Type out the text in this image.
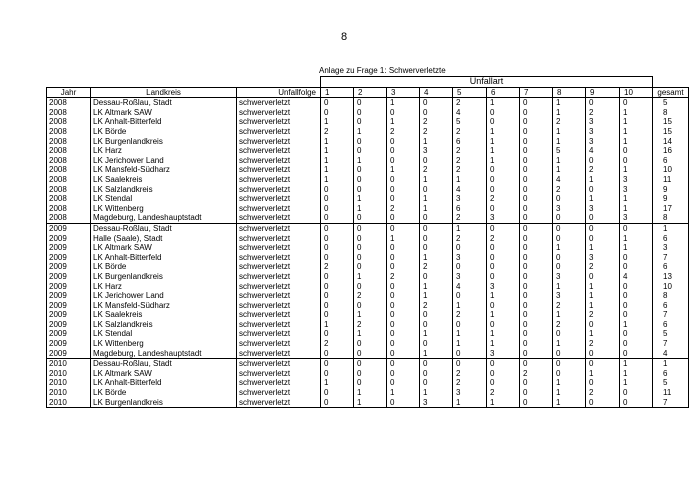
8
Anlage zu Frage 1: Schwerverletzte
			Unfallart										
Jahr	Landkreis	Unfallfolge	1	2	3	4	5	6	7	8	9	10	gesamt
2008	Dessau-Roßlau, Stadt	schwerverletzt	0	0	1	0	2	1	0	1	0	0	5
2008	LK Altmark SAW	schwerverletzt	0	0	0	0	4	0	0	1	2	1	8
2008	LK Anhalt-Bitterfeld	schwerverletzt	1	0	1	2	5	0	0	2	3	1	15
2008	LK Börde	schwerverletzt	2	1	2	2	2	1	0	1	3	1	15
2008	LK Burgenlandkreis	schwerverletzt	1	0	0	1	6	1	0	1	3	1	14
2008	LK Harz	schwerverletzt	1	0	0	3	2	1	0	5	4	0	16
2008	LK Jerichower Land	schwerverletzt	1	1	0	0	2	1	0	1	0	0	6
2008	LK Mansfeld-Südharz	schwerverletzt	1	0	1	2	2	0	0	1	2	1	10
2008	LK Saalekreis	schwerverletzt	1	0	0	1	1	0	0	4	1	3	11
2008	LK Salzlandkreis	schwerverletzt	0	0	0	0	4	0	0	2	0	3	9
2008	LK Stendal	schwerverletzt	0	1	0	1	3	2	0	0	1	1	9
2008	LK Wittenberg	schwerverletzt	0	1	2	1	6	0	0	3	3	1	17
2008	Magdeburg, Landeshauptstadt	schwerverletzt	0	0	0	0	2	3	0	0	0	3	8
2009	Dessau-Roßlau, Stadt	schwerverletzt	0	0	0	0	1	0	0	0	0	0	1
2009	Halle (Saale), Stadt	schwerverletzt	0	0	1	0	2	2	0	0	0	1	6
2009	LK Altmark SAW	schwerverletzt	0	0	0	0	0	0	0	1	1	1	3
2009	LK Anhalt-Bitterfeld	schwerverletzt	0	0	0	1	3	0	0	0	3	0	7
2009	LK Börde	schwerverletzt	2	0	0	2	0	0	0	0	2	0	6
2009	LK Burgenlandkreis	schwerverletzt	0	1	2	0	3	0	0	3	0	4	13
2009	LK Harz	schwerverletzt	0	0	0	1	4	3	0	1	1	0	10
2009	LK Jerichower Land	schwerverletzt	0	2	0	1	0	1	0	3	1	0	8
2009	LK Mansfeld-Südharz	schwerverletzt	0	0	0	2	1	0	0	2	1	0	6
2009	LK Saalekreis	schwerverletzt	0	1	0	0	2	1	0	1	2	0	7
2009	LK Salzlandkreis	schwerverletzt	1	2	0	0	0	0	0	2	0	1	6
2009	LK Stendal	schwerverletzt	0	1	0	1	1	1	0	0	1	0	5
2009	LK Wittenberg	schwerverletzt	2	0	0	0	1	1	0	1	2	0	7
2009	Magdeburg, Landeshauptstadt	schwerverletzt	0	0	0	1	0	3	0	0	0	0	4
2010	Dessau-Roßlau, Stadt	schwerverletzt	0	0	0	0	0	0	0	0	0	1	1
2010	LK Altmark SAW	schwerverletzt	0	0	0	0	2	0	2	0	1	1	6
2010	LK Anhalt-Bitterfeld	schwerverletzt	1	0	0	0	2	0	0	1	0	1	5
2010	LK Börde	schwerverletzt	0	1	1	1	3	2	0	1	2	0	11
2010	LK Burgenlandkreis	schwerverletzt	0	1	0	3	1	1	0	1	0	0	7
